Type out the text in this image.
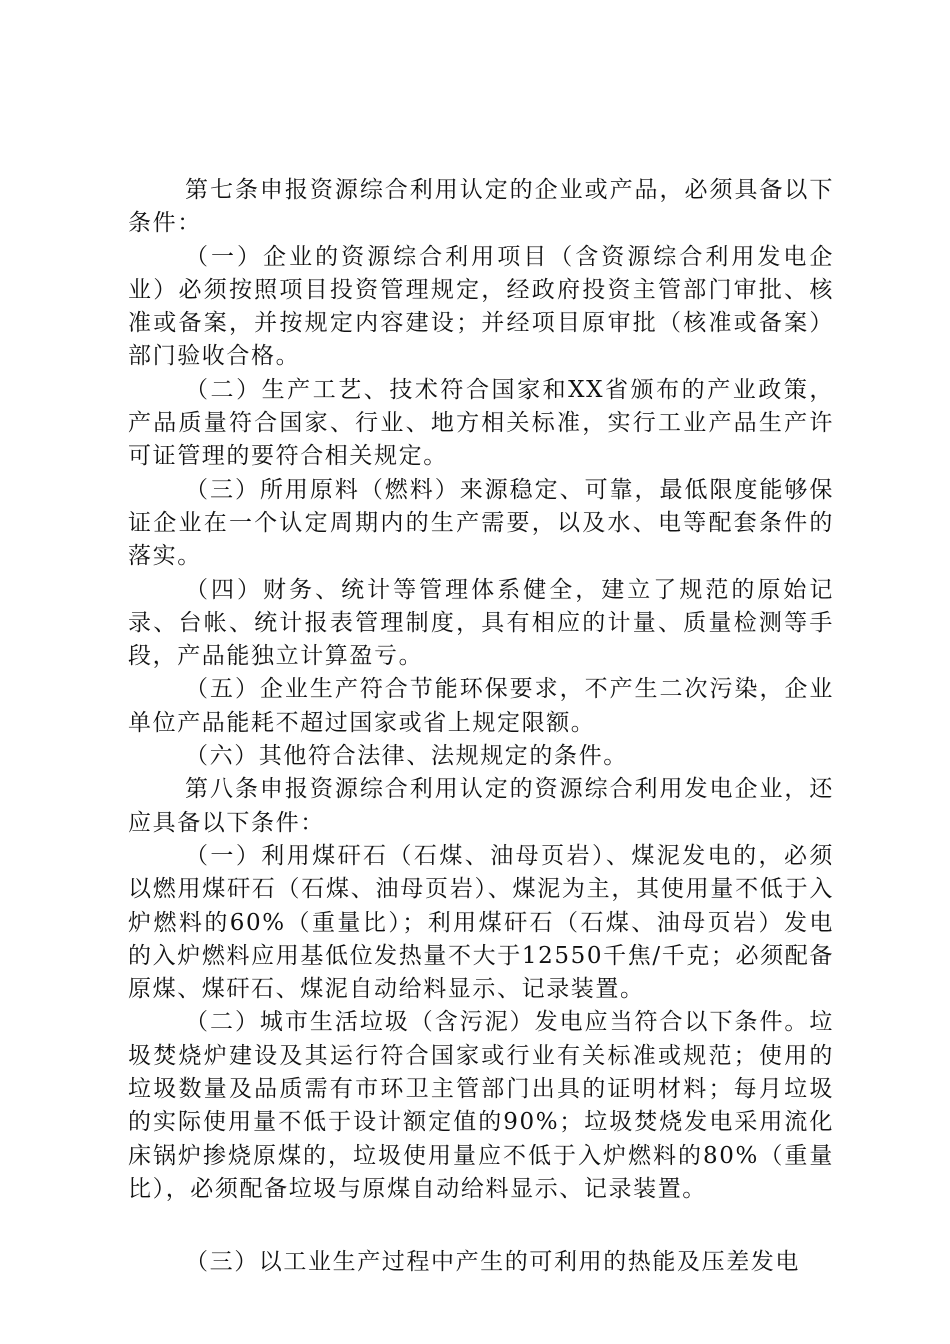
第七条申报资源综合利用认定的企业或产品，必须具备以下条件：

（一）企业的资源综合利用项目（含资源综合利用发电企业）必须按照项目投资管理规定，经政府投资主管部门审批、核准或备案，并按规定内容建设；并经项目原审批（核准或备案）部门验收合格。

（二）生产工艺、技术符合国家和XX省颁布的产业政策，产品质量符合国家、行业、地方相关标准，实行工业产品生产许可证管理的要符合相关规定。

（三）所用原料（燃料）来源稳定、可靠，最低限度能够保证企业在一个认定周期内的生产需要，以及水、电等配套条件的落实。

（四）财务、统计等管理体系健全，建立了规范的原始记录、台帐、统计报表管理制度，具有相应的计量、质量检测等手段，产品能独立计算盈亏。

（五）企业生产符合节能环保要求，不产生二次污染，企业单位产品能耗不超过国家或省上规定限额。

（六）其他符合法律、法规规定的条件。

第八条申报资源综合利用认定的资源综合利用发电企业，还应具备以下条件：

（一）利用煤矸石（石煤、油母页岩）、煤泥发电的，必须以燃用煤矸石（石煤、油母页岩）、煤泥为主，其使用量不低于入炉燃料的60%（重量比）；利用煤矸石（石煤、油母页岩）发电的入炉燃料应用基低位发热量不大于12550千焦/千克；必须配备原煤、煤矸石、煤泥自动给料显示、记录装置。

（二）城市生活垃圾（含污泥）发电应当符合以下条件。垃圾焚烧炉建设及其运行符合国家或行业有关标准或规范；使用的垃圾数量及品质需有市环卫主管部门出具的证明材料；每月垃圾的实际使用量不低于设计额定值的90%；垃圾焚烧发电采用流化床锅炉掺烧原煤的，垃圾使用量应不低于入炉燃料的80%（重量比），必须配备垃圾与原煤自动给料显示、记录装置。

（三）以工业生产过程中产生的可利用的热能及压差发电
